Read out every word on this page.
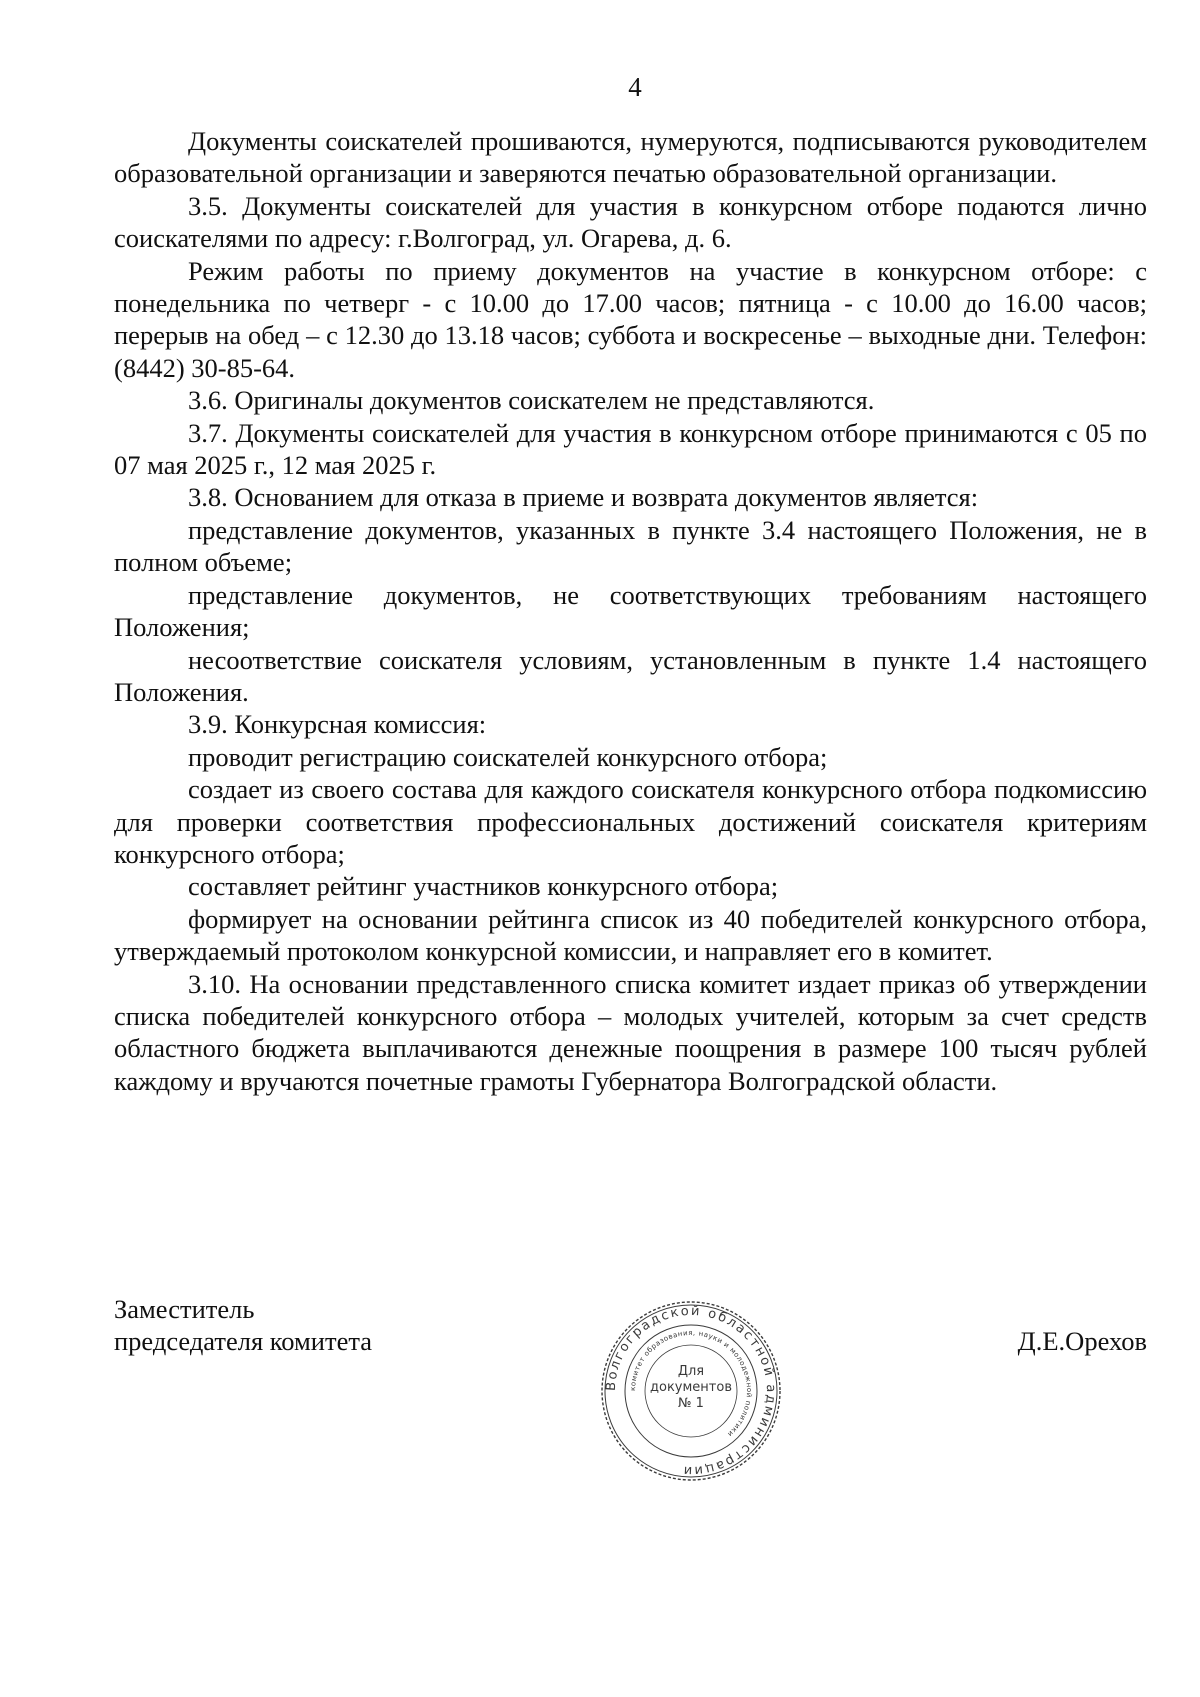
4

Документы соискателей прошиваются, нумеруются, подписываются руководителем образовательной организации и заверяются печатью образовательной организации.

3.5. Документы соискателей для участия в конкурсном отборе подаются лично соискателями по адресу: г.Волгоград, ул. Огарева, д. 6.

Режим работы по приему документов на участие в конкурсном отборе: с понедельника по четверг - с 10.00 до 17.00 часов; пятница - с 10.00 до 16.00 часов; перерыв на обед – с 12.30 до 13.18 часов; суббота и воскресенье – выходные дни. Телефон: (8442) 30-85-64.

3.6. Оригиналы документов соискателем не представляются.

3.7. Документы соискателей для участия в конкурсном отборе принимаются с 05 по 07 мая 2025 г., 12 мая 2025 г.

3.8. Основанием для отказа в приеме и возврата документов является:

представление документов, указанных в пункте 3.4 настоящего Положения, не в полном объеме;

представление документов, не соответствующих требованиям настоящего Положения;

несоответствие соискателя условиям, установленным в пункте 1.4 настоящего Положения.

3.9. Конкурсная комиссия:

проводит регистрацию соискателей конкурсного отбора;

создает из своего состава для каждого соискателя конкурсного отбора подкомиссию для проверки соответствия профессиональных достижений соискателя критериям конкурсного отбора;

составляет рейтинг участников конкурсного отбора;

формирует на основании рейтинга список из 40 победителей конкурсного отбора, утверждаемый протоколом конкурсной комиссии, и направляет его в комитет.

3.10. На основании представленного списка комитет издает приказ об утверждении списка победителей конкурсного отбора – молодых учителей, которым за счет средств областного бюджета выплачиваются денежные поощрения в размере 100 тысяч рублей каждому и вручаются почетные грамоты Губернатора Волгоградской области.

Заместитель
председателя комитета	Д.Е.Орехов
Волгоградской областной администрации
комитет образования, науки и молодежной политики
Для
документов
№ 1
